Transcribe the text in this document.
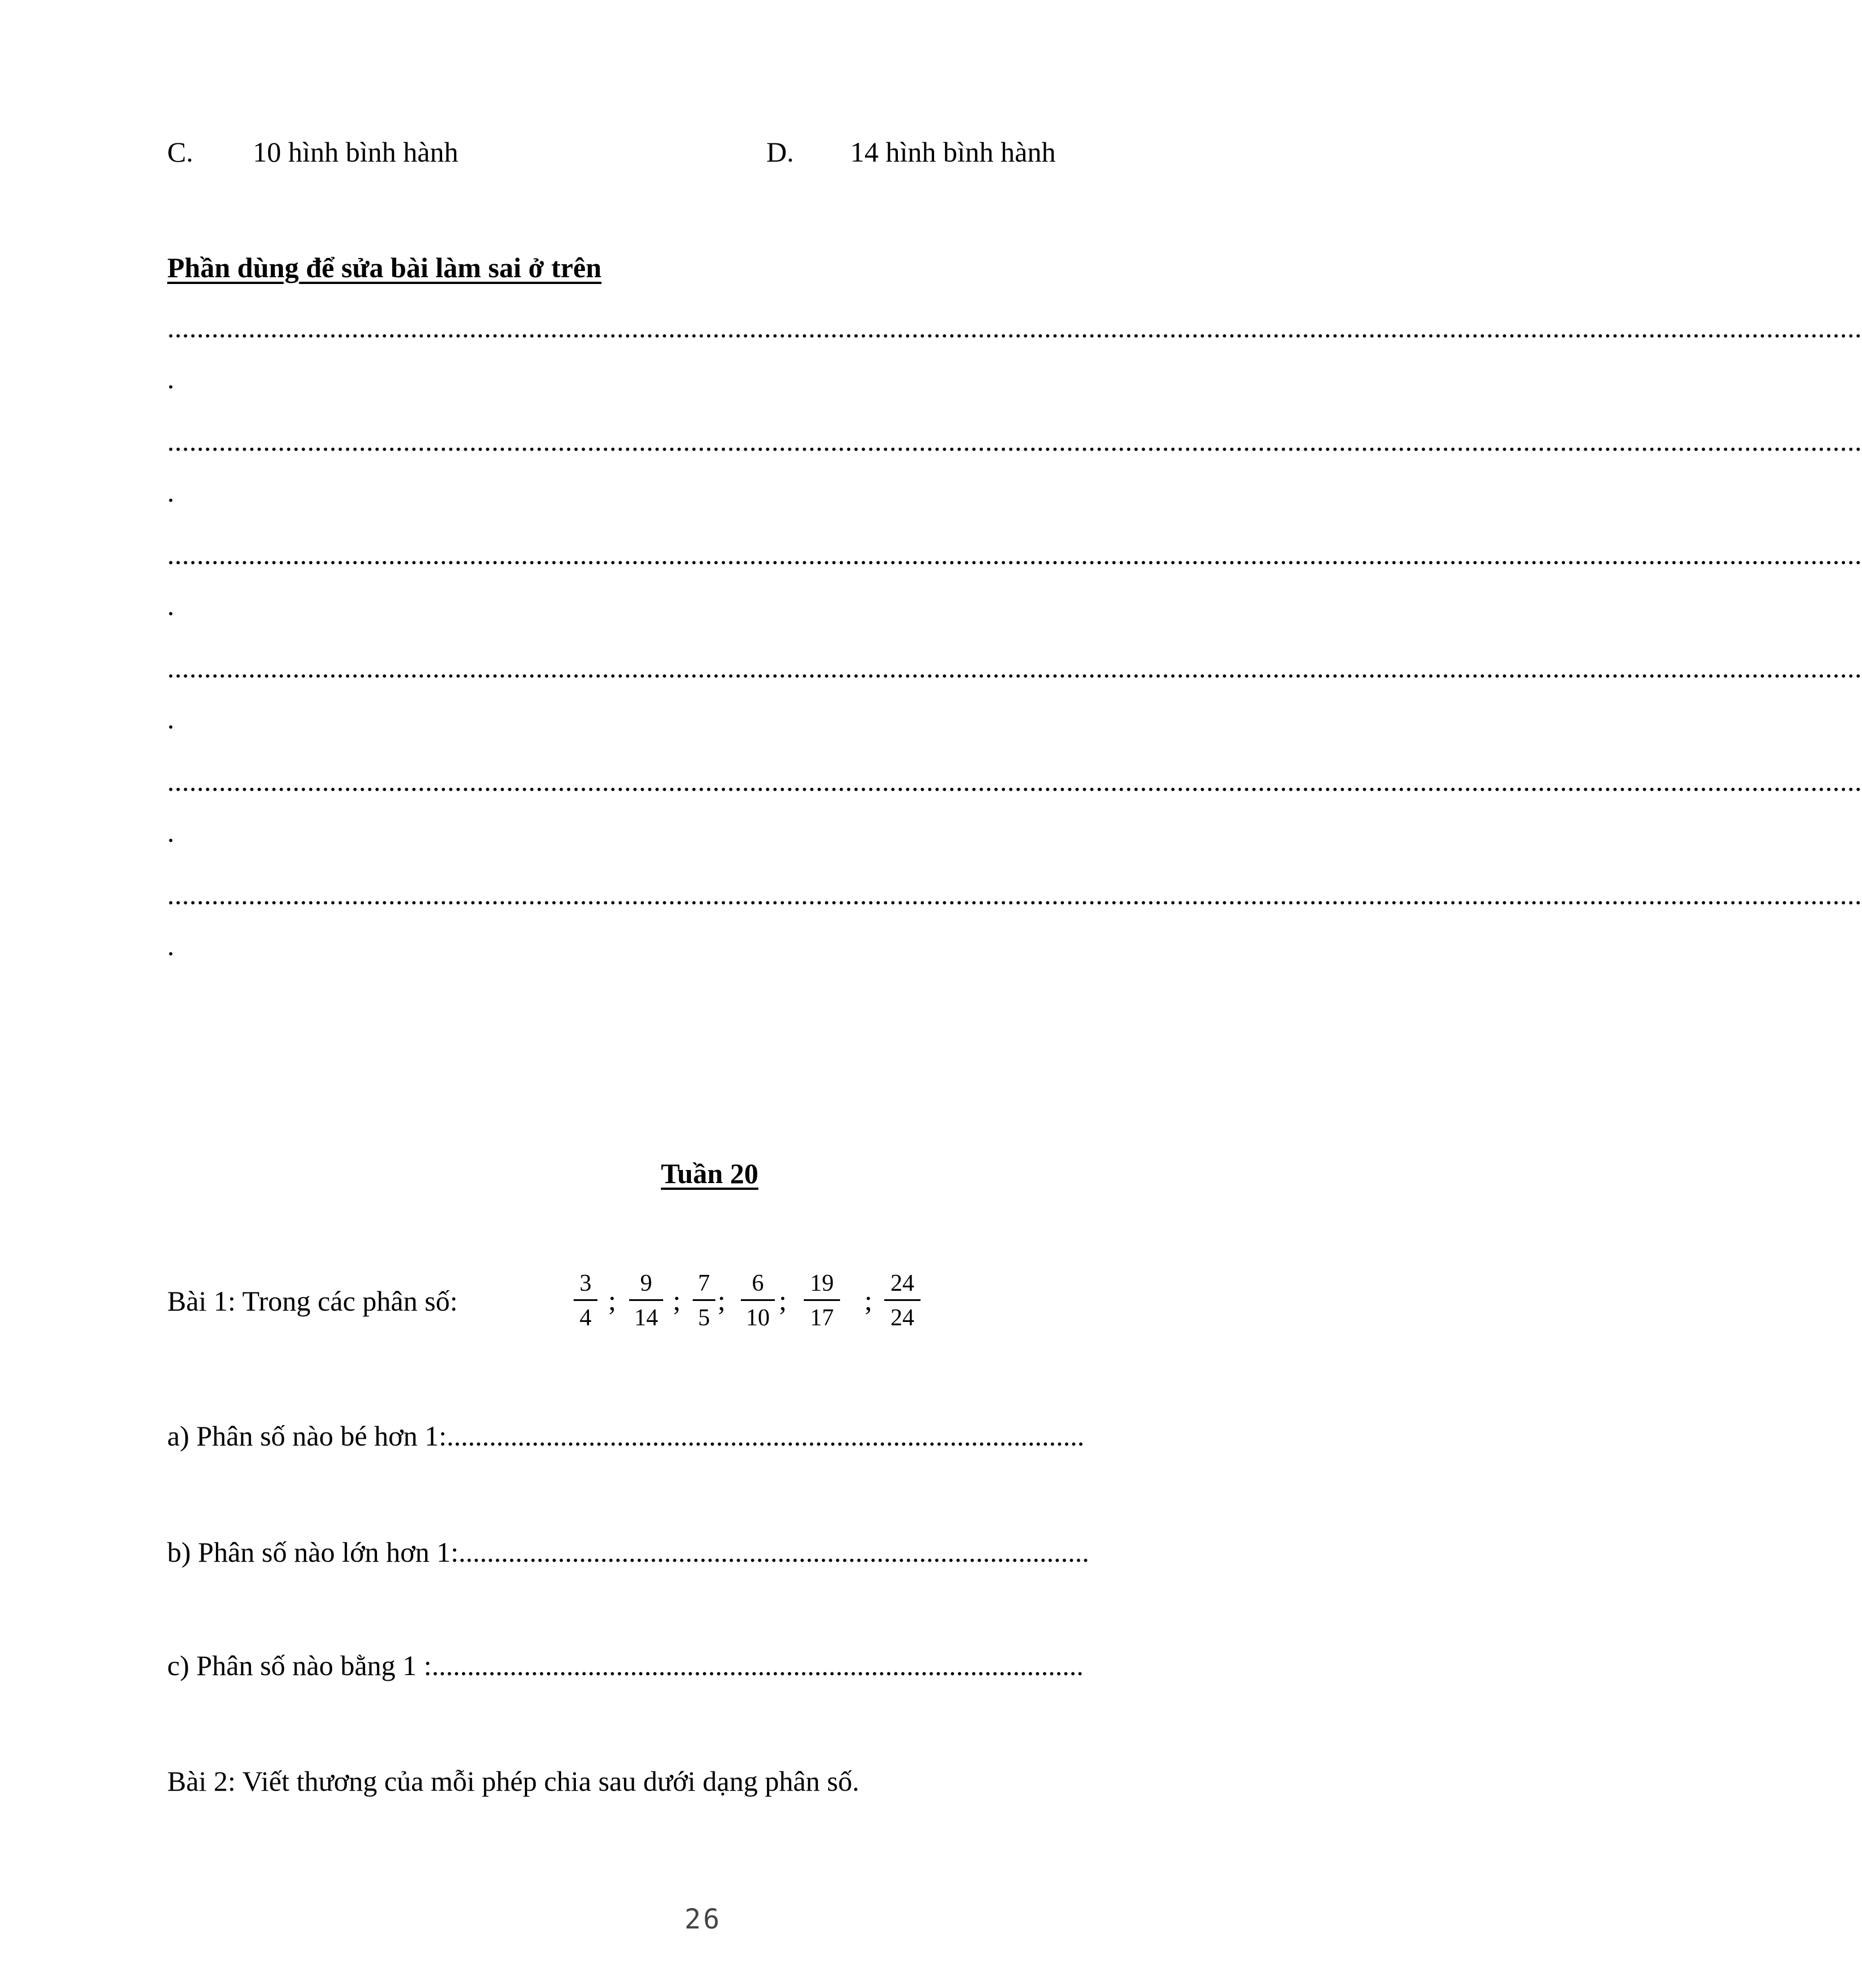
C. 10 hình bình hành	D. 14 hình bình hành
Phần dùng để sửa bài làm sai ở trên
......................................................................................................................................................................................................................................
.
......................................................................................................................................................................................................................................
.
......................................................................................................................................................................................................................................
.
......................................................................................................................................................................................................................................
.
......................................................................................................................................................................................................................................
.
......................................................................................................................................................................................................................................
.
Tuần 20
Bài 1: Trong các phân số:
3
4
;
9
14
;
7
5
;
6
10
;
19
17
;
24
24
a) Phân số nào bé hơn 1:..........................................................................................
b) Phân số nào lớn hơn 1:.........................................................................................
c) Phân số nào bằng 1 :............................................................................................
Bài 2: Viết thương của mỗi phép chia sau dưới dạng phân số.
26
